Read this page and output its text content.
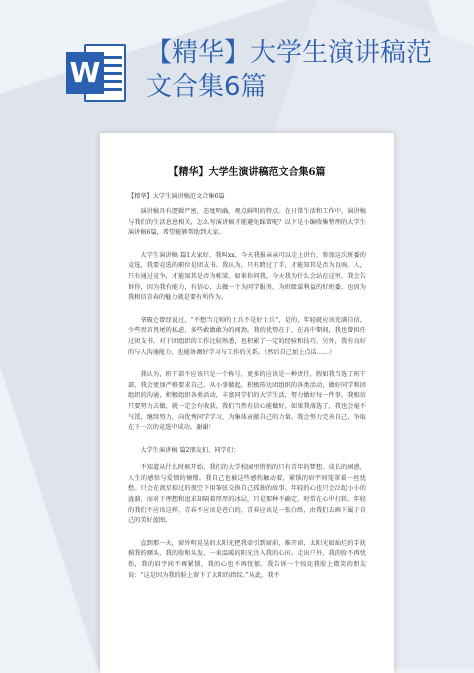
W
【精华】大学生演讲稿范文合集6篇
【精华】大学生演讲稿范文合集6篇
【精华】大学生演讲稿范文合集6篇

演讲稿具有逻辑严密，态度明确，观点鲜明的特点。在日常生活和工作中，演讲稿与我们的生活息息相关，怎么写演讲稿才能避免踩雷呢？以下是小编收集整理的大学生演讲稿6篇，希望能够帮助到大家。

大学生演讲稿 篇1大家好，我叫xx。今天我报亲亲可以走上讲台，参加这次班委的竞选，我要竞选的职位是团支书。我认为，只有跨过了手，才能知其是否为良驹。人，只有通过竞争，才能知其是否为栋梁。如果你问我，今天我为什么会站在这里，我会告诉你，因为我有能力，有信心，去做一个为同学服务，为班级谋利益的好班委，也因为我相信青春的魅力就是要有所作为。

拿破仑曾经说过，“不想当元帅的士兵不是好士兵”，是的，年轻就应该充满自信。少些畏首畏尾的私虑，多些敢做敢为的闯劲。我的优势在于，在高中期间，我也曾担任过团支书，对于团组织的工作比较熟悉，也积累了一定的经验和技巧，另外，我有良好的与人沟通能力，也能协调好学习与工作的关系。（然后自己加上点话……）

我认为，班干部不应该只是一个称号，更多的应该是一种责任，假如我当选了班干部，我会更加严格要求自己，从小事做起，积极传达团组织的各类活动，做好同学和团组织的沟通，积极组织各类活动，丰富同学们的大学生活，努力做好每一件事。我相信只要努力去做，就一定会有收获。我们当然有信心能做好。如果我落选了，我也会毫不气馁，继续努力，向优秀同学学习，为集体贡献自己的力量。我会努力完善自己，争取在下一次的竞选中成功。谢谢！

大学生演讲稿 篇2朋友们、同学们：

不知道从什么时候开始，我们的大学校园里悄悄的只有青年的梦想。成长的困惑，人生的感悟与爱情的憧憬。我自己也被这些感伤触动着，紧锁的眉宇间笼罩着一丝忧愁。只会在流星掠过的夜空下用筝弦交换自己孤独的故事。年轻的心也只会泛起小小的涟漪，而对于理想和追求却隔着厚厚的冰层，只是那种不确定，时常在心中打转。年轻的我们不应该这样，青春不应该是苍白的，青春应该是一张白纸，由我们去画下属于自己的美好蓝图。

直到那一天，窗外明晃晃的太阳光把我牵引到窗前，推开窗，太阳光如灿烂的手抚摸我的额头、我的脸和头发，一束温暖的阳光注入我的心田。走出户外，我的脸不再忧伤，我的眉宇间不再紧锁，我的心也不再忧郁。我告诉一个惊诧我脸上微笑的朋友说：“这是因为我的脸上留下了太阳的指纹。”从此，我不
